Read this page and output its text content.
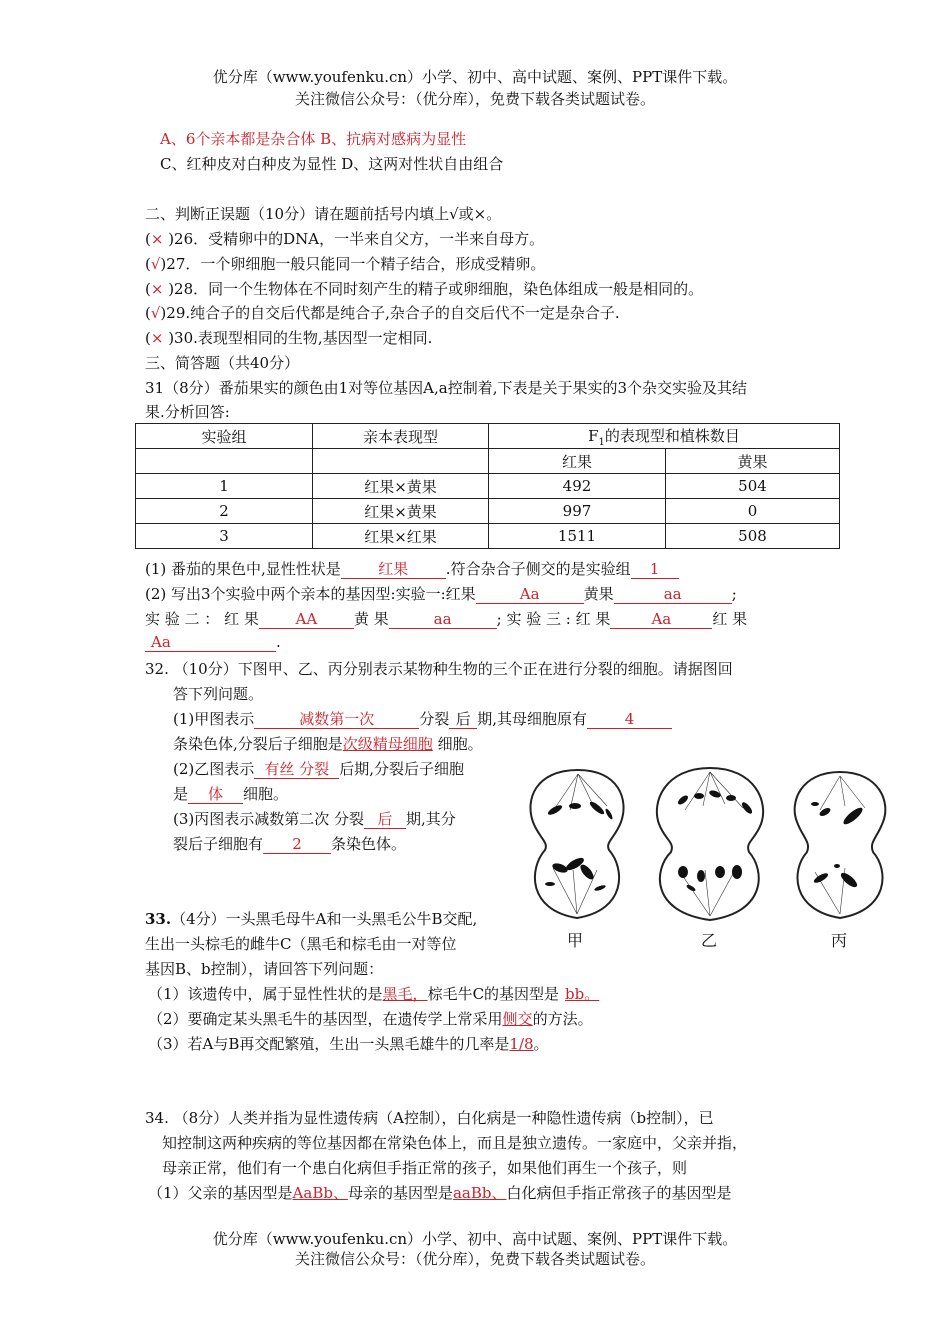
优分库（www.youfenku.cn）小学、初中、高中试题、案例、PPT课件下载。
关注微信公众号：（优分库），免费下载各类试题试卷。
A、6个亲本都是杂合体 B、抗病对感病为显性
C、红种皮对白种皮为显性 D、这两对性状自由组合
二、判断正误题（10分）请在题前括号内填上√或×。
(× )26．受精卵中的DNA，一半来自父方，一半来自母方。
(√)27．一个卵细胞一般只能同一个精子结合，形成受精卵。
(× )28．同一个生物体在不同时刻产生的精子或卵细胞，染色体组成一般是相同的。
(√)29.纯合子的自交后代都是纯合子,杂合子的自交后代不一定是杂合子.
(× )30.表现型相同的生物,基因型一定相同.
三、简答题（共40分）
31（8分）番茄果实的颜色由1对等位基因A,a控制着,下表是关于果实的3个杂交实验及其结
果.分析回答:
实验组	亲本表现型	$F_1$的表现型和植株数目	
		红果	黄果
1	红果×黄果	492	504
2	红果×黄果	997	0
3	红果×红果	1511	508
(1) 番茄的果色中,显性性状是 红果	.符合杂合子侧交的是实验组 1
(2) 写出3个实验中两个亲本的基因型:实验一:红果	Aa	黄果	aa	;
实 验 二 ： 红 果 AA 黄 果	aa	; 实 验 三 : 红 果	Aa	红 果
Aa	.
32. （10分）下图甲、乙、丙分别表示某物种生物的三个正在进行分裂的细胞。请据图回
答下列问题。
(1)甲图表示	减数第一次	分裂 后 期,其母细胞原有	4
条染色体,分裂后子细胞是次级精母细胞 细胞。
(2)乙图表示 有丝 分裂 后期,分裂后子细胞
是 体 细胞。
(3)丙图表示减数第二次 分裂 后 期,其分
裂后子细胞有 2 条染色体。
甲	乙	丙
33.（4分）一头黑毛母牛A和一头黑毛公牛B交配,
生出一头棕毛的雌牛C（黑毛和棕毛由一对等位
基因B、b控制），请回答下列问题：
（1）该遗传中，属于显性性状的是黑毛，棕毛牛C的基因型是 bb。
（2）要确定某头黑毛牛的基因型，在遗传学上常采用侧交的方法。
（3）若A与B再交配繁殖，生出一头黑毛雄牛的几率是1/8。
34. （8分）人类并指为显性遗传病（A控制），白化病是一种隐性遗传病（b控制），已
知控制这两种疾病的等位基因都在常染色体上，而且是独立遗传。一家庭中，父亲并指，
母亲正常，他们有一个患白化病但手指正常的孩子，如果他们再生一个孩子，则
（1）父亲的基因型是AaBb、母亲的基因型是aaBb、白化病但手指正常孩子的基因型是
优分库（www.youfenku.cn）小学、初中、高中试题、案例、PPT课件下载。
关注微信公众号：（优分库），免费下载各类试题试卷。
